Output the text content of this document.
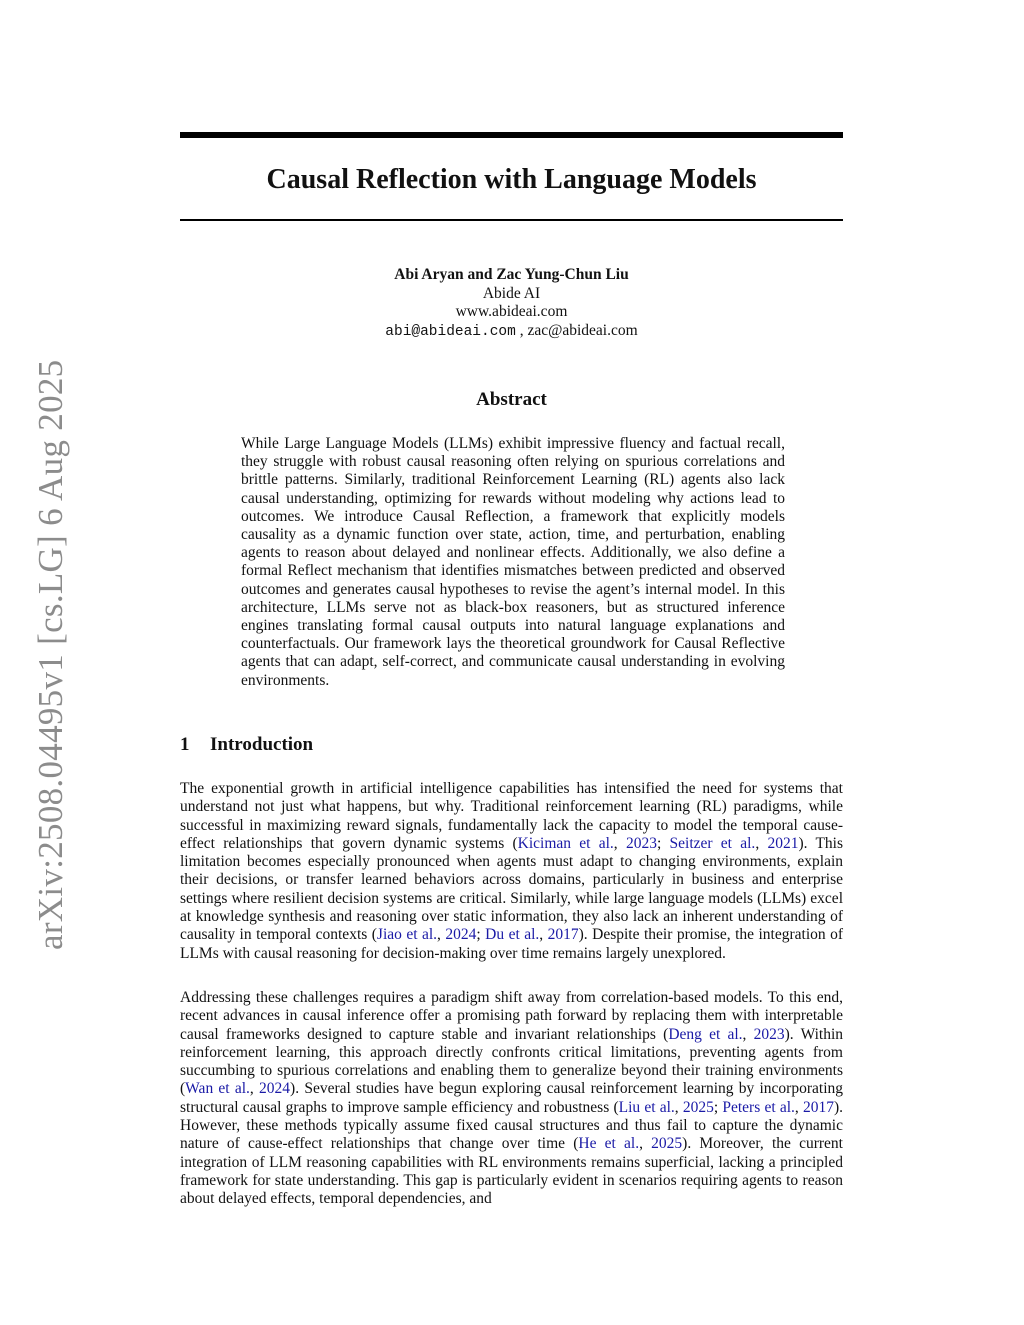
arXiv:2508.04495v1 [cs.LG] 6 Aug 2025
Causal Reflection with Language Models
Abi Aryan and Zac Yung-Chun Liu
Abide AI
www.abideai.com
abi@abideai.com , zac@abideai.com
Abstract

While Large Language Models (LLMs) exhibit impressive fluency and factual recall, they struggle with robust causal reasoning often relying on spurious correlations and brittle patterns. Similarly, traditional Reinforcement Learning (RL) agents also lack causal understanding, optimizing for rewards without modeling why actions lead to outcomes. We introduce Causal Reflection, a framework that explicitly models causality as a dynamic function over state, action, time, and perturbation, enabling agents to reason about delayed and nonlinear effects. Additionally, we also define a formal Reflect mechanism that identifies mismatches between predicted and observed outcomes and generates causal hypotheses to revise the agent’s internal model. In this architecture, LLMs serve not as black-box reasoners, but as structured inference engines translating formal causal outputs into natural language explanations and counterfactuals. Our framework lays the theoretical groundwork for Causal Reflective agents that can adapt, self-correct, and communicate causal understanding in evolving environments.

1 Introduction

The exponential growth in artificial intelligence capabilities has intensified the need for systems that understand not just what happens, but why. Traditional reinforcement learning (RL) paradigms, while successful in maximizing reward signals, fundamentally lack the capacity to model the temporal cause-effect relationships that govern dynamic systems (Kiciman et al., 2023; Seitzer et al., 2021). This limitation becomes especially pronounced when agents must adapt to changing environments, explain their decisions, or transfer learned behaviors across domains, particularly in business and enterprise settings where resilient decision systems are critical. Similarly, while large language models (LLMs) excel at knowledge synthesis and reasoning over static information, they also lack an inherent understanding of causality in temporal contexts (Jiao et al., 2024; Du et al., 2017). Despite their promise, the integration of LLMs with causal reasoning for decision-making over time remains largely unexplored.

Addressing these challenges requires a paradigm shift away from correlation-based models. To this end, recent advances in causal inference offer a promising path forward by replacing them with interpretable causal frameworks designed to capture stable and invariant relationships (Deng et al., 2023). Within reinforcement learning, this approach directly confronts critical limitations, preventing agents from succumbing to spurious correlations and enabling them to generalize beyond their training environments (Wan et al., 2024). Several studies have begun exploring causal reinforcement learning by incorporating structural causal graphs to improve sample efficiency and robustness (Liu et al., 2025; Peters et al., 2017). However, these methods typically assume fixed causal structures and thus fail to capture the dynamic nature of cause-effect relationships that change over time (He et al., 2025). Moreover, the current integration of LLM reasoning capabilities with RL environments remains superficial, lacking a principled framework for state understanding. This gap is particularly evident in scenarios requiring agents to reason about delayed effects, temporal dependencies, and
